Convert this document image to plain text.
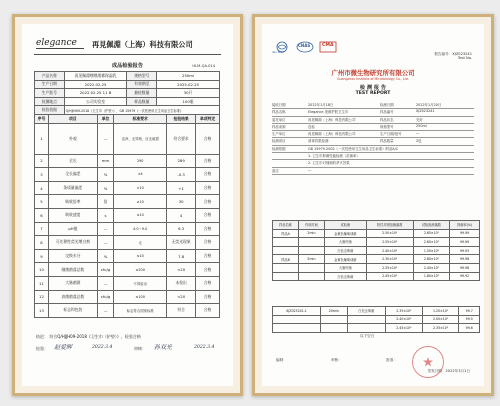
elegance	再見佩淵（上海）科技有限公司
成品检验报告	HLM-QA-014
产品名称	再见佩淵嘿嘿烟雾保湿乳	规格型号	250ml
生产日期	2022.02.25	有效期至	2025.02.25
生产批号	2022.02.25 11 B	抽检数量	30只
检测地点	公司实验室	样品数量	100瓶
检验依据	Q/HJJH09-2018《卫生巾（护垫）》、GB 15979《一次性使用卫生用品卫生标准》		
序号	项目	单位	标准要求	检验结果	单项判定
1	外观	—	洁净、无异物，应无破损	符合要求	合格
2	全长	mm	290	289	合格
3	全长偏差	%	±4	-0.3	合格
4	条质量偏差	%	±10	+1	合格
5	吸收倍率	倍	≥10	30	合格
6	吸收速度	s	≤10	4	合格
7	pH值	—	4.0～9.0	6.3	合格
8	可迁移性荧光增白剂	—	无	无荧光现象	合格
9	交换水分	%	≤10	7.8	合格
10	细菌菌落总数	cfu/g	≤200	<20	合格
11	大肠菌群	—	不得检出	未检出	合格
12	真菌菌落总数	cfu/g	≤100	<20	合格
13	标志和包装	—	标志符合国家标准	符合	合格
结论： 符合Q/HJJH09-2018《卫生巾（护垫）》，检验合格
检验： 赵爱晖	2022.3.4	审核： 孙双光	2022.3.4
ilac-MRA
CNAS	CMA
报告编号：XJZ023241
Test No.
广州市微生物研究所有限公司
Guangzhou Institute of Microbiology Co., Ltd.
检 测 报 告
TEST REPORT
接收日期	2022年1月18日	检测日期	2022年1月20日
样品名称	Elegance 美颜护肤卫生巾	样品编号	XJZ023241
委托单位	再见佩淵（上海）科技有限公司	样品状态	完好
样品来源	送检	规格型号	250ml
生产单位	再见佩淵（上海）科技有限公司	生产日期/批号	—
检测项目	消毒效果检测	样品数量	2包
检测依据	GB 15979-2002《一次性使用卫生用品卫生标准》附录A/C
1. 卫生巾抑菌性能检测（抗菌率）
2. 卫生巾对细菌的杀灭效果
备注	—
样品名称	作用时间	试验菌	阳性对照组菌落数	试验组菌落数	抑菌率(%)
样品A	2min	金黄色葡萄球菌	2.50×10⁶	2.65×10²	99.99
		大肠杆菌	2.55×10⁶	2.60×10²	99.99
		白色念珠菌	2.40×10⁶	1.50×10³	99.93
样品B	5min	金黄色葡萄球菌	2.30×10⁶	2.80×10²	99.98
		大肠杆菌	2.35×10⁶	2.40×10²	99.98
		白色念珠菌	2.45×10⁶	1.80×10³	99.92
XJZ023241-1	20min	白色念珠菌	2.35×10⁶	1.20×10²	99.7
			2.40×10⁶	2.00×10²	99.5
			2.45×10⁶	2.35×10²	99.6
以下空白
编制：	审核：	批准：
签发日期：2022年3月1日
